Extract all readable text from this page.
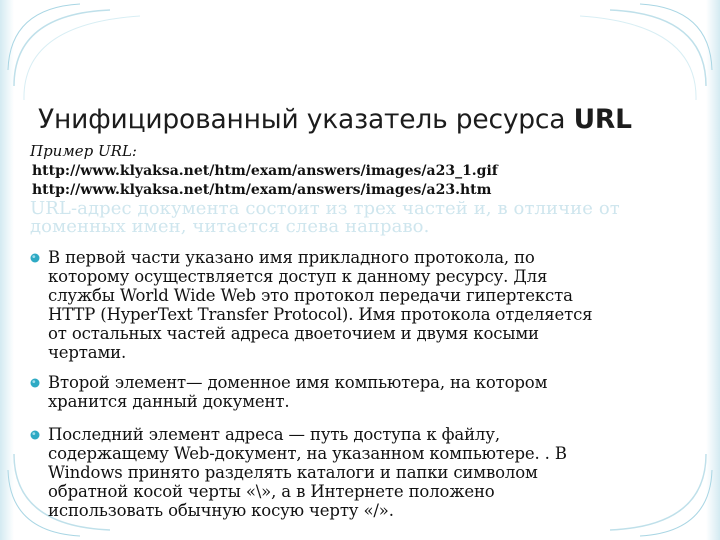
Унифицированный указатель ресурса URL

Пример URL:

http://www.klyaksa.net/htm/exam/answers/images/a23_1.gif

http://www.klyaksa.net/htm/exam/answers/images/a23.htm

URL-адрес документа состоит из трех частей и, в отличие от
доменных имен, читается слева направо.
В первой части указано имя прикладного протокола, по
которому осуществляется доступ к данному ресурсу. Для
службы World Wide Web это протокол передачи гипертекста
HTTP (HyperText Transfer Protocol). Имя протокола отделяется
от остальных частей адреса двоеточием и двумя косыми
чертами.
Второй элемент— доменное имя компьютера, на котором
хранится данный документ.
Последний элемент адреса — путь доступа к файлу,
содержащему Web-документ, на указанном компьютере. . В
Windows принято разделять каталоги и папки символом
обратной косой черты «\», а в Интернете положено
использовать обычную косую черту «/».
